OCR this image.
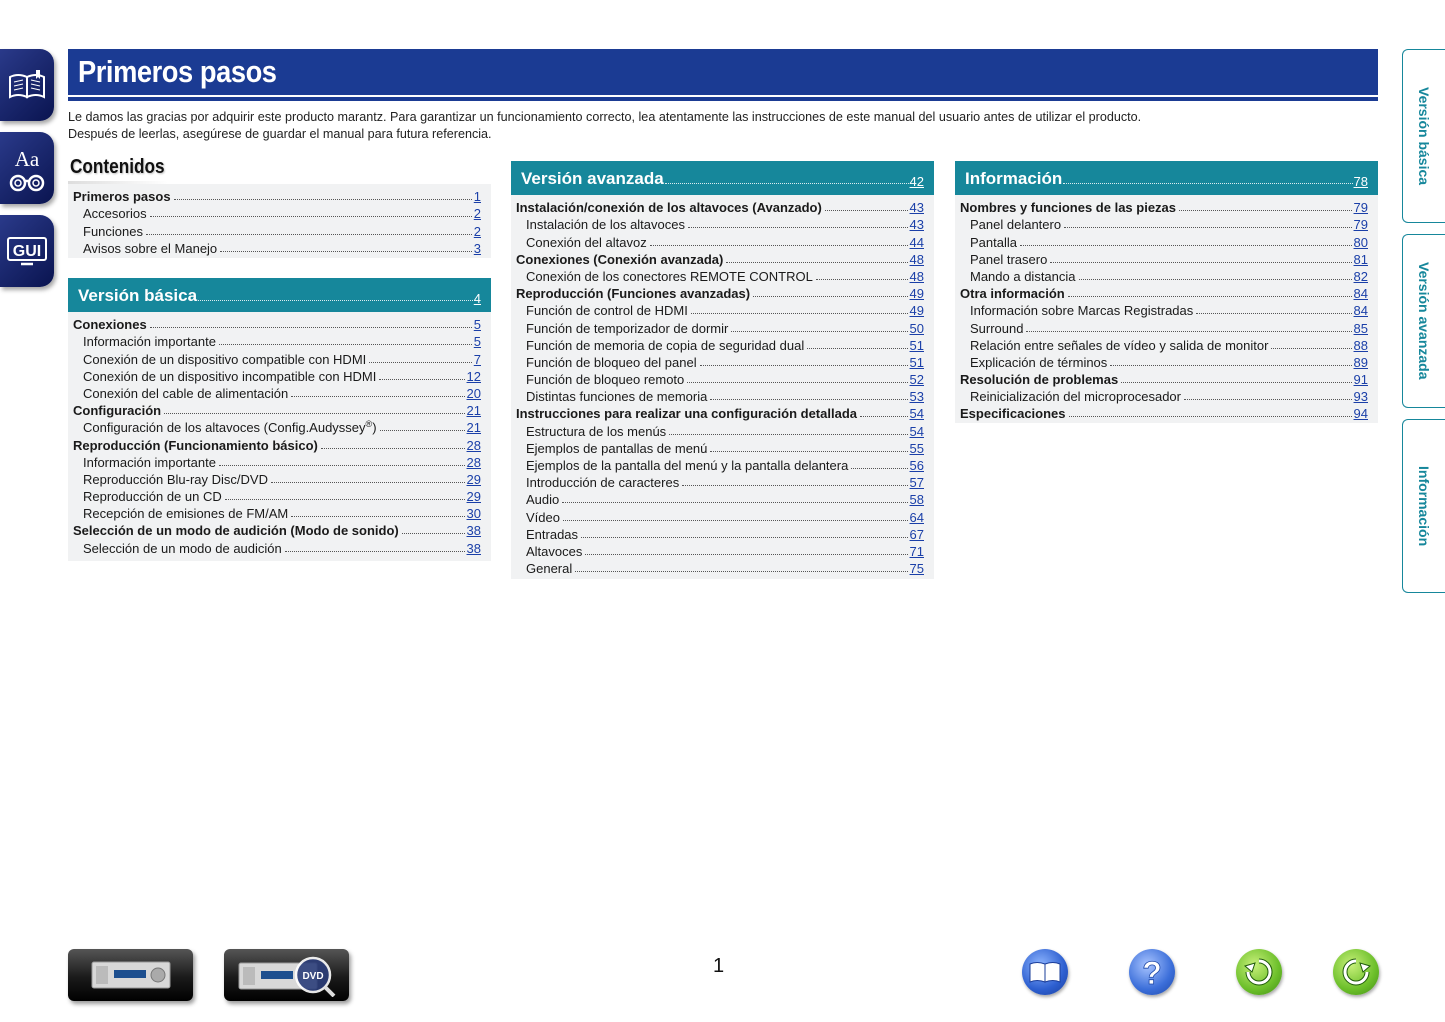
Aa
GUI
Primeros pasos
Le damos las gracias por adquirir este producto marantz. Para garantizar un funcionamiento correcto, lea atentamente las instrucciones de este manual del usuario antes de utilizar el producto.
Después de leerlas, asegúrese de guardar el manual para futura referencia.
Contenidos
Primeros pasos	1
Accesorios	2
Funciones	2
Avisos sobre el Manejo	3
Versión básica	4
Conexiones	5
Información importante	5
Conexión de un dispositivo compatible con HDMI	7
Conexión de un dispositivo incompatible con HDMI	12
Conexión del cable de alimentación	20
Configuración	21
Configuración de los altavoces (Config.Audyssey®)	21
Reproducción (Funcionamiento básico)	28
Información importante	28
Reproducción Blu-ray Disc/DVD	29
Reproducción de un CD	29
Recepción de emisiones de FM/AM	30
Selección de un modo de audición (Modo de sonido)	38
Selección de un modo de audición	38
Versión avanzada	42
Instalación/conexión de los altavoces (Avanzado)	43
Instalación de los altavoces	43
Conexión del altavoz	44
Conexiones (Conexión avanzada)	48
Conexión de los conectores REMOTE CONTROL	48
Reproducción (Funciones avanzadas)	49
Función de control de HDMI	49
Función de temporizador de dormir	50
Función de memoria de copia de seguridad dual	51
Función de bloqueo del panel	51
Función de bloqueo remoto	52
Distintas funciones de memoria	53
Instrucciones para realizar una configuración detallada	54
Estructura de los menús	54
Ejemplos de pantallas de menú	55
Ejemplos de la pantalla del menú y la pantalla delantera	56
Introducción de caracteres	57
Audio	58
Vídeo	64
Entradas	67
Altavoces	71
General	75
Información	78
Nombres y funciones de las piezas	79
Panel delantero	79
Pantalla	80
Panel trasero	81
Mando a distancia	82
Otra información	84
Información sobre Marcas Registradas	84
Surround	85
Relación entre señales de vídeo y salida de monitor	88
Explicación de términos	89
Resolución de problemas	91
Reinicialización del microprocesador	93
Especificaciones	94
Versión básica
Versión avanzada
Información
DVD	1	?
